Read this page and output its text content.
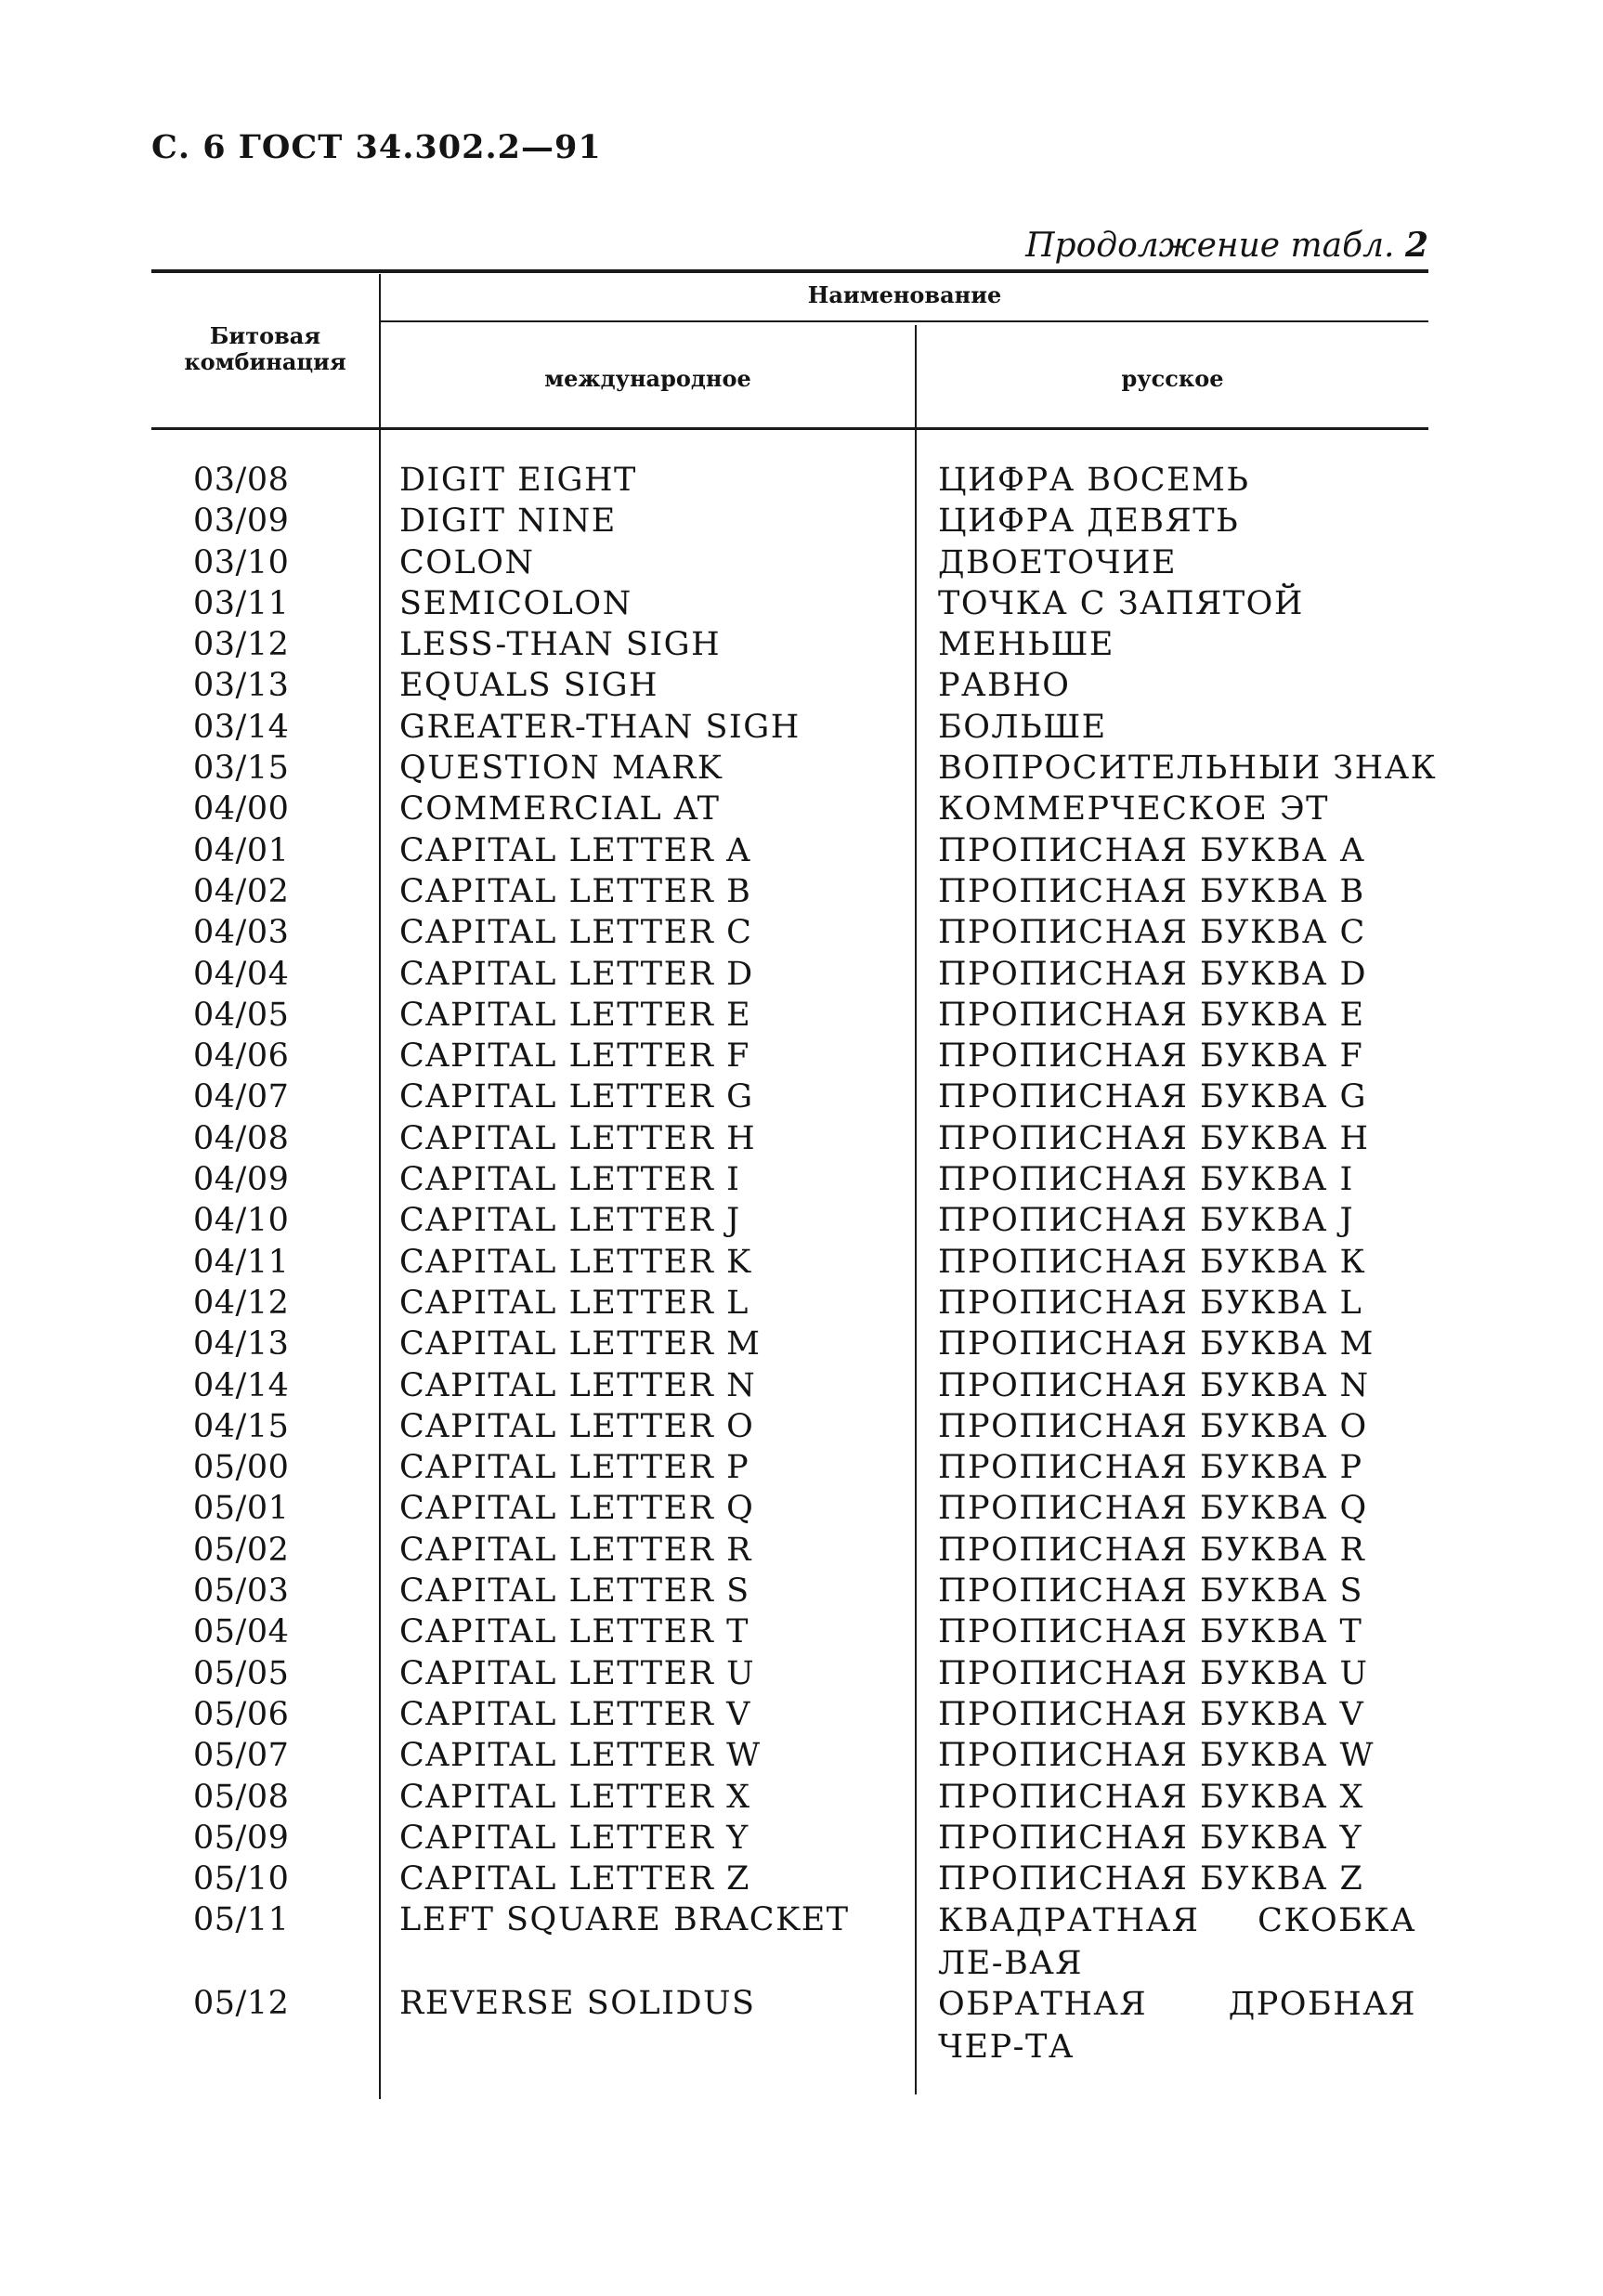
С. 6 ГОСТ 34.302.2—91
Продолжение табл. 2
Битовая комбинация
Наименование
международное	русское
03/08	DIGIT EIGHT	ЦИФРА ВОСЕМЬ
03/09	DIGIT NINE	ЦИФРА ДЕВЯТЬ
03/10	COLON	ДВОЕТОЧИЕ
03/11	SEMICOLON	ТОЧКА С ЗАПЯТОЙ
03/12	LESS-THAN SIGH	МЕНЬШЕ
03/13	EQUALS SIGH	РАВНО
03/14	GREATER-THAN SIGH	БОЛЬШЕ
03/15	QUESTION MARK	ВОПРОСИТЕЛЬНЫИ ЗНАК
04/00	COMMERCIAL AT	КОММЕРЧЕСКОЕ ЭТ
04/01	CAPITAL LETTER A	ПРОПИСНАЯ БУКВА А
04/02	CAPITAL LETTER B	ПРОПИСНАЯ БУКВА В
04/03	CAPITAL LETTER C	ПРОПИСНАЯ БУКВА С
04/04	CAPITAL LETTER D	ПРОПИСНАЯ БУКВА D
04/05	CAPITAL LETTER E	ПРОПИСНАЯ БУКВА Е
04/06	CAPITAL LETTER F	ПРОПИСНАЯ БУКВА F
04/07	CAPITAL LETTER G	ПРОПИСНАЯ БУКВА G
04/08	CAPITAL LETTER H	ПРОПИСНАЯ БУКВА Н
04/09	CAPITAL LETTER I	ПРОПИСНАЯ БУКВА I
04/10	CAPITAL LETTER J	ПРОПИСНАЯ БУКВА J
04/11	CAPITAL LETTER K	ПРОПИСНАЯ БУКВА К
04/12	CAPITAL LETTER L	ПРОПИСНАЯ БУКВА L
04/13	CAPITAL LETTER M	ПРОПИСНАЯ БУКВА М
04/14	CAPITAL LETTER N	ПРОПИСНАЯ БУКВА N
04/15	CAPITAL LETTER O	ПРОПИСНАЯ БУКВА О
05/00	CAPITAL LETTER P	ПРОПИСНАЯ БУКВА Р
05/01	CAPITAL LETTER Q	ПРОПИСНАЯ БУКВА Q
05/02	CAPITAL LETTER R	ПРОПИСНАЯ БУКВА R
05/03	CAPITAL LETTER S	ПРОПИСНАЯ БУКВА S
05/04	CAPITAL LETTER T	ПРОПИСНАЯ БУКВА Т
05/05	CAPITAL LETTER U	ПРОПИСНАЯ БУКВА U
05/06	CAPITAL LETTER V	ПРОПИСНАЯ БУКВА V
05/07	CAPITAL LETTER W	ПРОПИСНАЯ БУКВА W
05/08	CAPITAL LETTER X	ПРОПИСНАЯ БУКВА X
05/09	CAPITAL LETTER Y	ПРОПИСНАЯ БУКВА Y
05/10	CAPITAL LETTER Z	ПРОПИСНАЯ БУКВА Z
05/11	LEFT SQUARE BRACKET	КВАДРАТНАЯ СКОБКА ЛЕ-ВАЯ
05/12	REVERSE SOLIDUS	ОБРАТНАЯ ДРОБНАЯ ЧЕР-ТА
